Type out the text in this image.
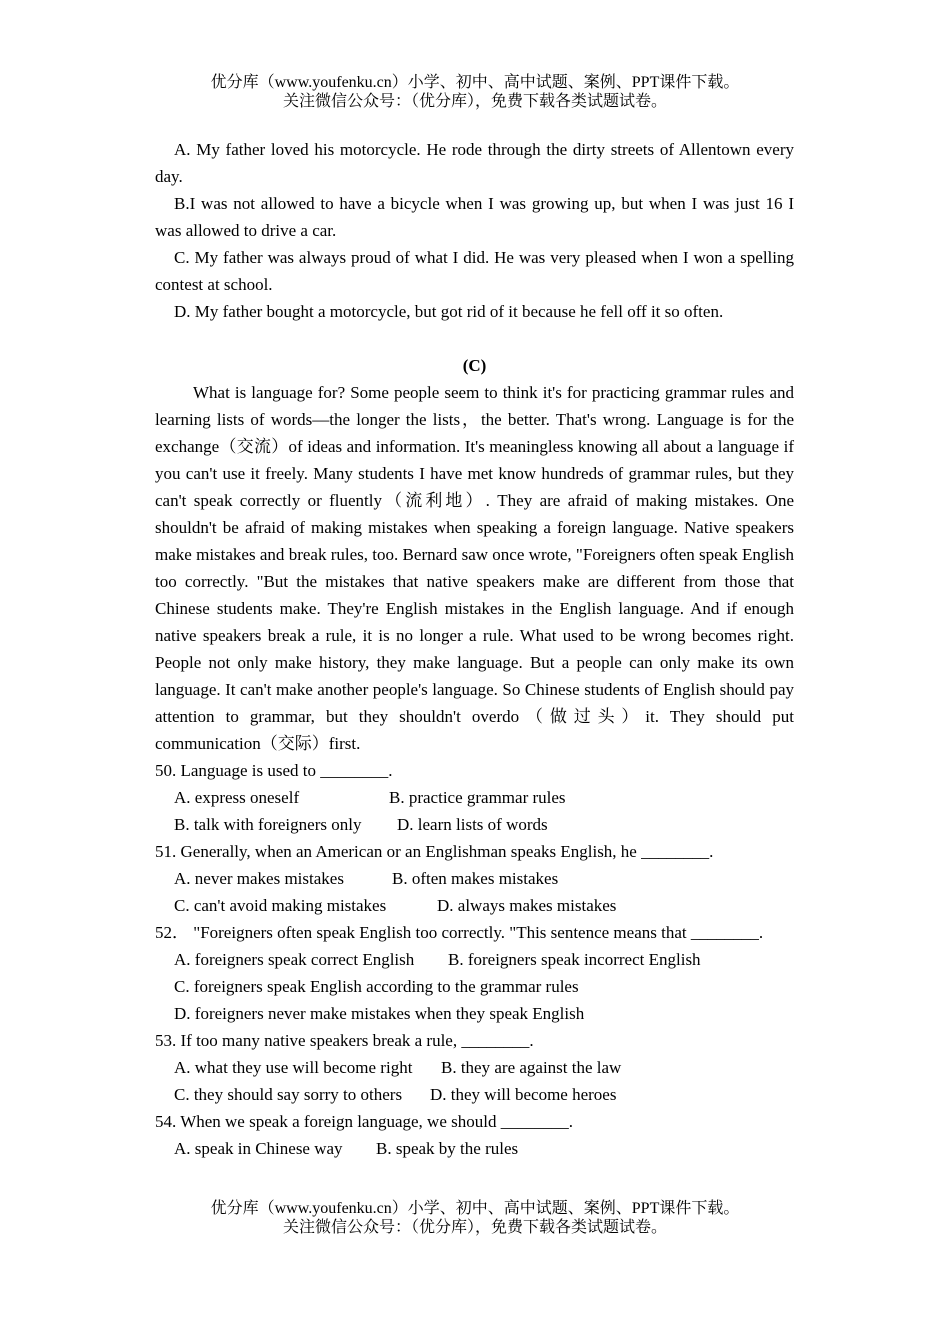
优分库（www.youfenku.cn）小学、初中、高中试题、案例、PPT课件下载。
关注微信公众号：（优分库），免费下载各类试题试卷。

A. My father loved his motorcycle. He rode through the dirty streets of Allentown every day.

B.I was not allowed to have a bicycle when I was growing up, but when I was just 16 I was allowed to drive a car.

C. My father was always proud of what I did. He was very pleased when I won a spelling contest at school.

D. My father bought a motorcycle, but got rid of it because he fell off it so often.

(C)

What is language for? Some people seem to think it's for practicing grammar rules and learning lists of words—the longer the lists，the better. That's wrong. Language is for the exchange（交流）of ideas and information. It's meaningless knowing all about a language if you can't use it freely. Many students I have met know hundreds of grammar rules, but they can't speak correctly or fluently（流利地）. They are afraid of making mistakes. One shouldn't be afraid of making mistakes when speaking a foreign language. Native speakers make mistakes and break rules, too. Bernard saw once wrote, "Foreigners often speak English too correctly. "But the mistakes that native speakers make are different from those that Chinese students make. They're English mistakes in the English language. And if enough native speakers break a rule, it is no longer a rule. What used to be wrong becomes right. People not only make history, they make language. But a people can only make its own language. It can't make another people's language. So Chinese students of English should pay attention to grammar, but they shouldn't overdo（做过头）it. They should put communication（交际）first.

50. Language is used to ________.

A. express oneself	B. practice grammar rules

B. talk with foreigners only D. learn lists of words

51. Generally, when an American or an Englishman speaks English, he ________.

A. never makes mistakes	B. often makes mistakes

C. can't avoid making mistakes	D. always makes mistakes

52． "Foreigners often speak English too correctly. "This sentence means that ________.

A. foreigners speak correct English B. foreigners speak incorrect English

C. foreigners speak English according to the grammar rules

D. foreigners never make mistakes when they speak English

53. If too many native speakers break a rule, ________.

A. what they use will become right B. they are against the law

C. they should say sorry to others D. they will become heroes

54. When we speak a foreign language, we should ________.

A. speak in Chinese way B. speak by the rules

优分库（www.youfenku.cn）小学、初中、高中试题、案例、PPT课件下载。
关注微信公众号：（优分库），免费下载各类试题试卷。
